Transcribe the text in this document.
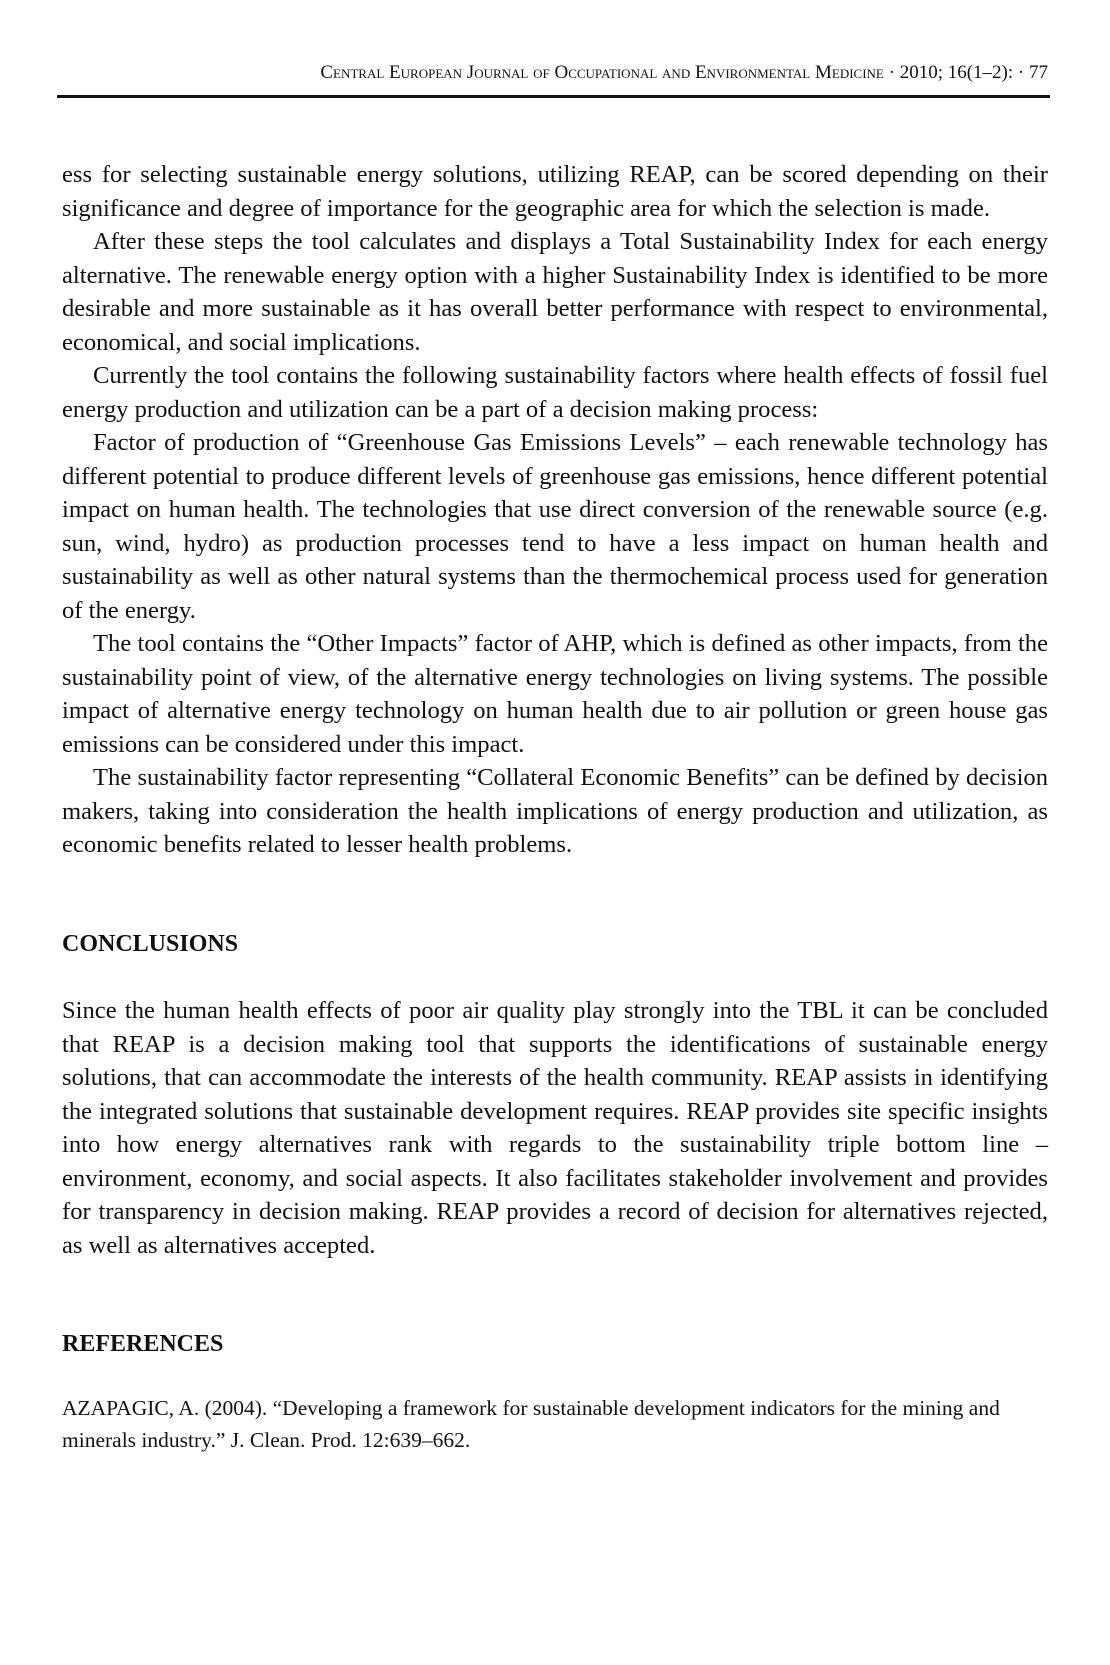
Central European Journal of Occupational and Environmental Medicine · 2010; 16(1–2): · 77

ess for selecting sustainable energy solutions, utilizing REAP, can be scored depending on their significance and degree of importance for the geographic area for which the selection is made.

After these steps the tool calculates and displays a Total Sustainability Index for each energy alternative. The renewable energy option with a higher Sustainability Index is identified to be more desirable and more sustainable as it has overall better performance with respect to environmental, economical, and social implications.

Currently the tool contains the following sustainability factors where health effects of fossil fuel energy production and utilization can be a part of a decision making process:

Factor of production of “Greenhouse Gas Emissions Levels” – each renewable technology has different potential to produce different levels of greenhouse gas emissions, hence different potential impact on human health. The technologies that use direct conversion of the renewable source (e.g. sun, wind, hydro) as production processes tend to have a less impact on human health and sustainability as well as other natural systems than the thermochemical process used for generation of the energy.

The tool contains the “Other Impacts” factor of AHP, which is defined as other impacts, from the sustainability point of view, of the alternative energy technologies on living systems. The possible impact of alternative energy technology on human health due to air pollution or green house gas emissions can be considered under this impact.

The sustainability factor representing “Collateral Economic Benefits” can be defined by decision makers, taking into consideration the health implications of energy production and utilization, as economic benefits related to lesser health problems.

CONCLUSIONS

Since the human health effects of poor air quality play strongly into the TBL it can be concluded that REAP is a decision making tool that supports the identifications of sustainable energy solutions, that can accommodate the interests of the health community. REAP assists in identifying the integrated solutions that sustainable development requires. REAP provides site specific insights into how energy alternatives rank with regards to the sustainability triple bottom line – environment, economy, and social aspects. It also facilitates stakeholder involvement and provides for transparency in decision making. REAP provides a record of decision for alternatives rejected, as well as alternatives accepted.

REFERENCES

AZAPAGIC, A. (2004). “Developing a framework for sustainable development indicators for the mining and minerals industry.” J. Clean. Prod. 12:639–662.
